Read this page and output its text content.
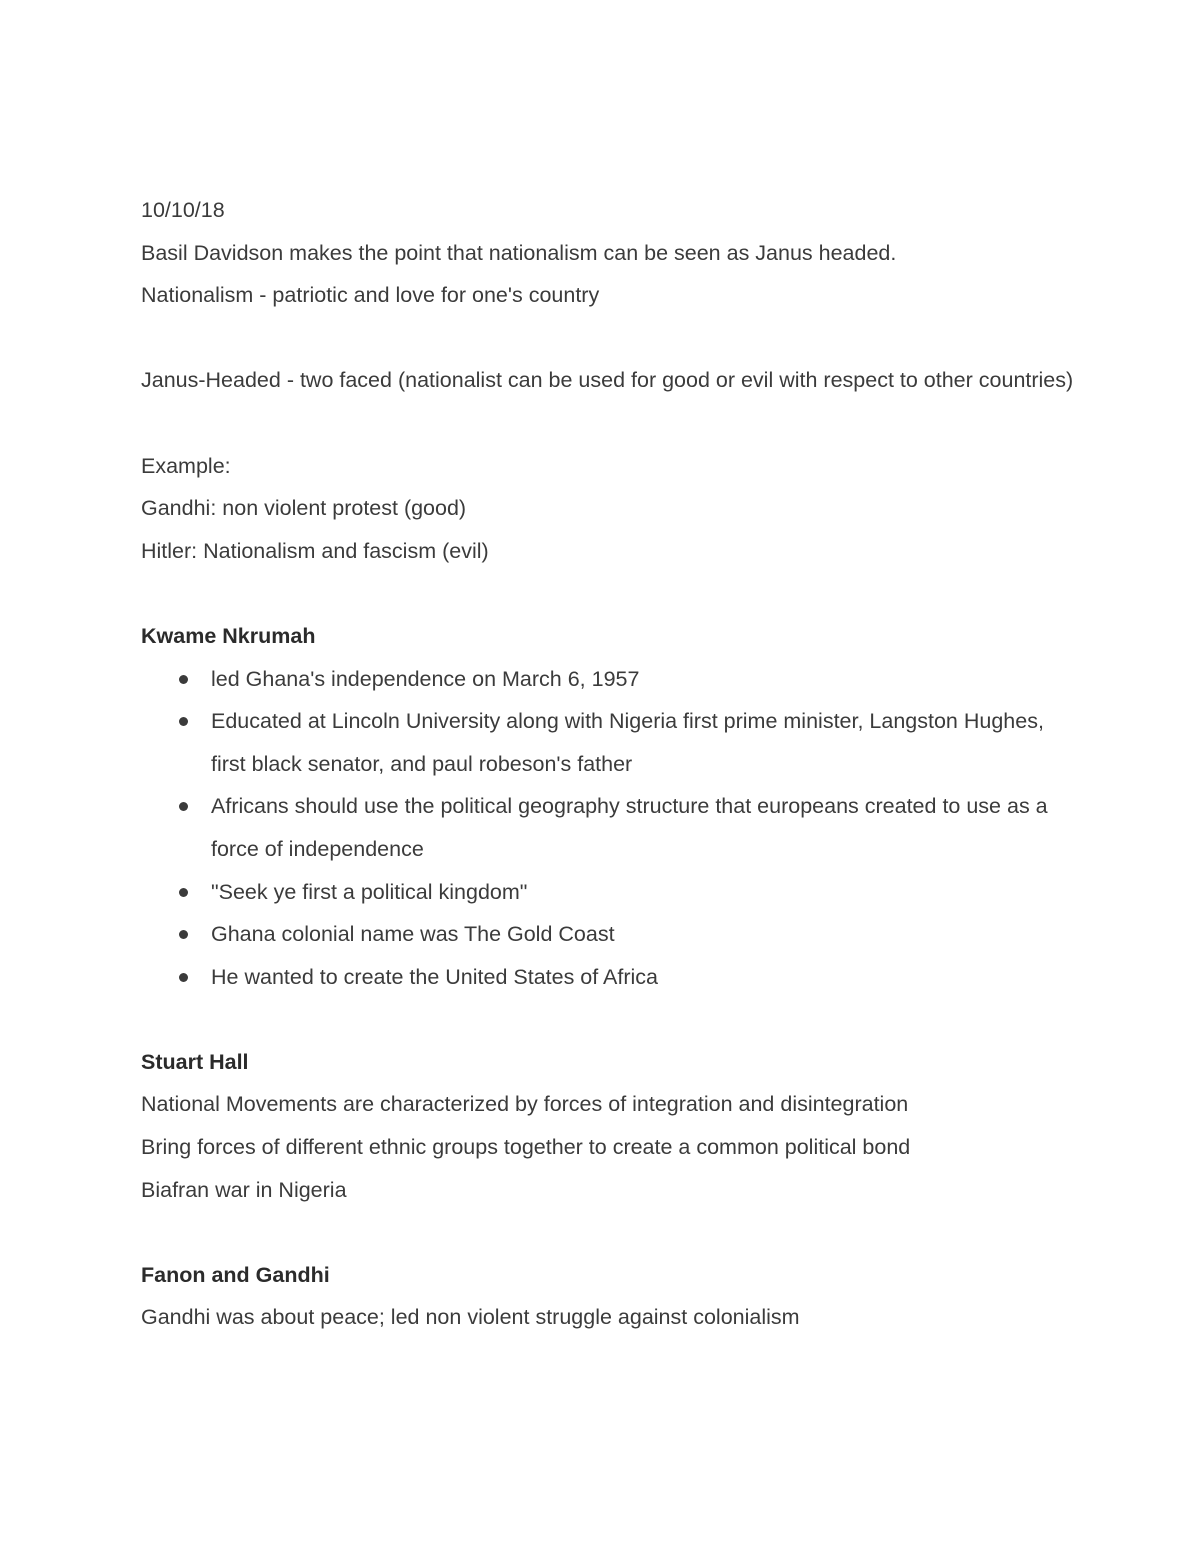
10/10/18
Basil Davidson makes the point that nationalism can be seen as Janus headed.
Nationalism - patriotic and love for one's country
Janus-Headed - two faced (nationalist can be used for good or evil with respect to other countries)
Example:
Gandhi: non violent protest (good)
Hitler: Nationalism and fascism (evil)
Kwame Nkrumah
led Ghana's independence on March 6, 1957
Educated at Lincoln University along with Nigeria first prime minister, Langston Hughes, first black senator, and paul robeson's father
Africans should use the political geography structure that europeans created to use as a force of independence
"Seek ye first a political kingdom"
Ghana colonial name was The Gold Coast
He wanted to create the United States of Africa
Stuart Hall
National Movements are characterized by forces of integration and disintegration
Bring forces of different ethnic groups together to create a common political bond
Biafran war in Nigeria
Fanon and Gandhi
Gandhi was about peace; led non violent struggle against colonialism
